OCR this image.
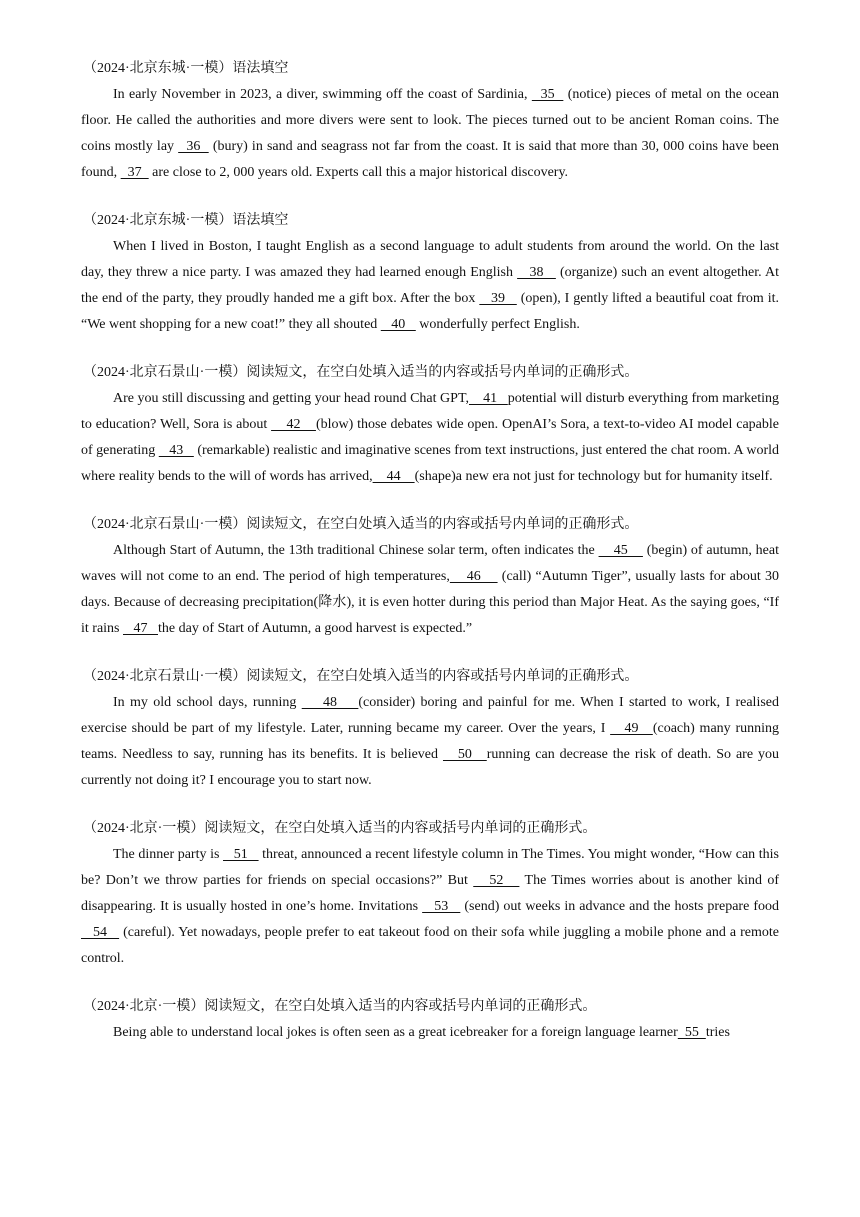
（2024·北京东城·一模）语法填空
In early November in 2023, a diver, swimming off the coast of Sardinia,   35   (notice) pieces of metal on the ocean floor. He called the authorities and more divers were sent to look. The pieces turned out to be ancient Roman coins. The coins mostly lay   36   (bury) in sand and seagrass not far from the coast. It is said that more than 30, 000 coins have been found,   37   are close to 2, 000 years old. Experts call this a major historical discovery.
（2024·北京东城·一模）语法填空
When I lived in Boston, I taught English as a second language to adult students from around the world. On the last day, they threw a nice party. I was amazed they had learned enough English    38    (organize) such an event altogether. At the end of the party, they proudly handed me a gift box. After the box    39    (open), I gently lifted a beautiful coat from it. “We went shopping for a new coat!” they all shouted    40    wonderfully perfect English.
（2024·北京石景山·一模）阅读短文，在空白处填入适当的内容或括号内单词的正确形式。
Are you still discussing and getting your head round Chat GPT,    41   potential will disturb everything from marketing to education? Well, Sora is about     42    (blow) those debates wide open. OpenAI’s Sora, a text-to-video AI model capable of generating    43    (remarkable) realistic and imaginative scenes from text instructions, just entered the chat room. A world where reality bends to the will of words has arrived,    44    (shape)a new era not just for technology but for humanity itself.
（2024·北京石景山·一模）阅读短文，在空白处填入适当的内容或括号内单词的正确形式。
Although Start of Autumn, the 13th traditional Chinese solar term, often indicates the     45     (begin) of autumn, heat waves will not come to an end. The period of high temperatures,    46     (call) “Autumn Tiger”, usually lasts for about 30 days. Because of decreasing precipitation(降水), it is even hotter during this period than Major Heat. As the saying goes, “If it rains    47   the day of Start of Autumn, a good harvest is expected.”
（2024·北京石景山·一模）阅读短文，在空白处填入适当的内容或括号内单词的正确形式。
In my old school days, running     48    (consider) boring and painful for me. When I started to work, I realised exercise should be part of my lifestyle. Later, running became my career. Over the years, I    49   (coach) many running teams. Needless to say, running has its benefits. It is believed    50   running can decrease the risk of death. So are you currently not doing it? I encourage you to start now.
（2024·北京·一模）阅读短文，在空白处填入适当的内容或括号内单词的正确形式。
The dinner party is    51    threat, announced a recent lifestyle column in The Times. You might wonder, “How can this be? Don’t we throw parties for friends on special occasions?” But    52    The Times worries about is another kind of disappearing. It is usually hosted in one’s home. Invitations    53    (send) out weeks in advance and the hosts prepare food    54    (careful). Yet nowadays, people prefer to eat takeout food on their sofa while juggling a mobile phone and a remote control.
（2024·北京·一模）阅读短文，在空白处填入适当的内容或括号内单词的正确形式。
Being able to understand local jokes is often seen as a great icebreaker for a foreign language learner  55  tries
